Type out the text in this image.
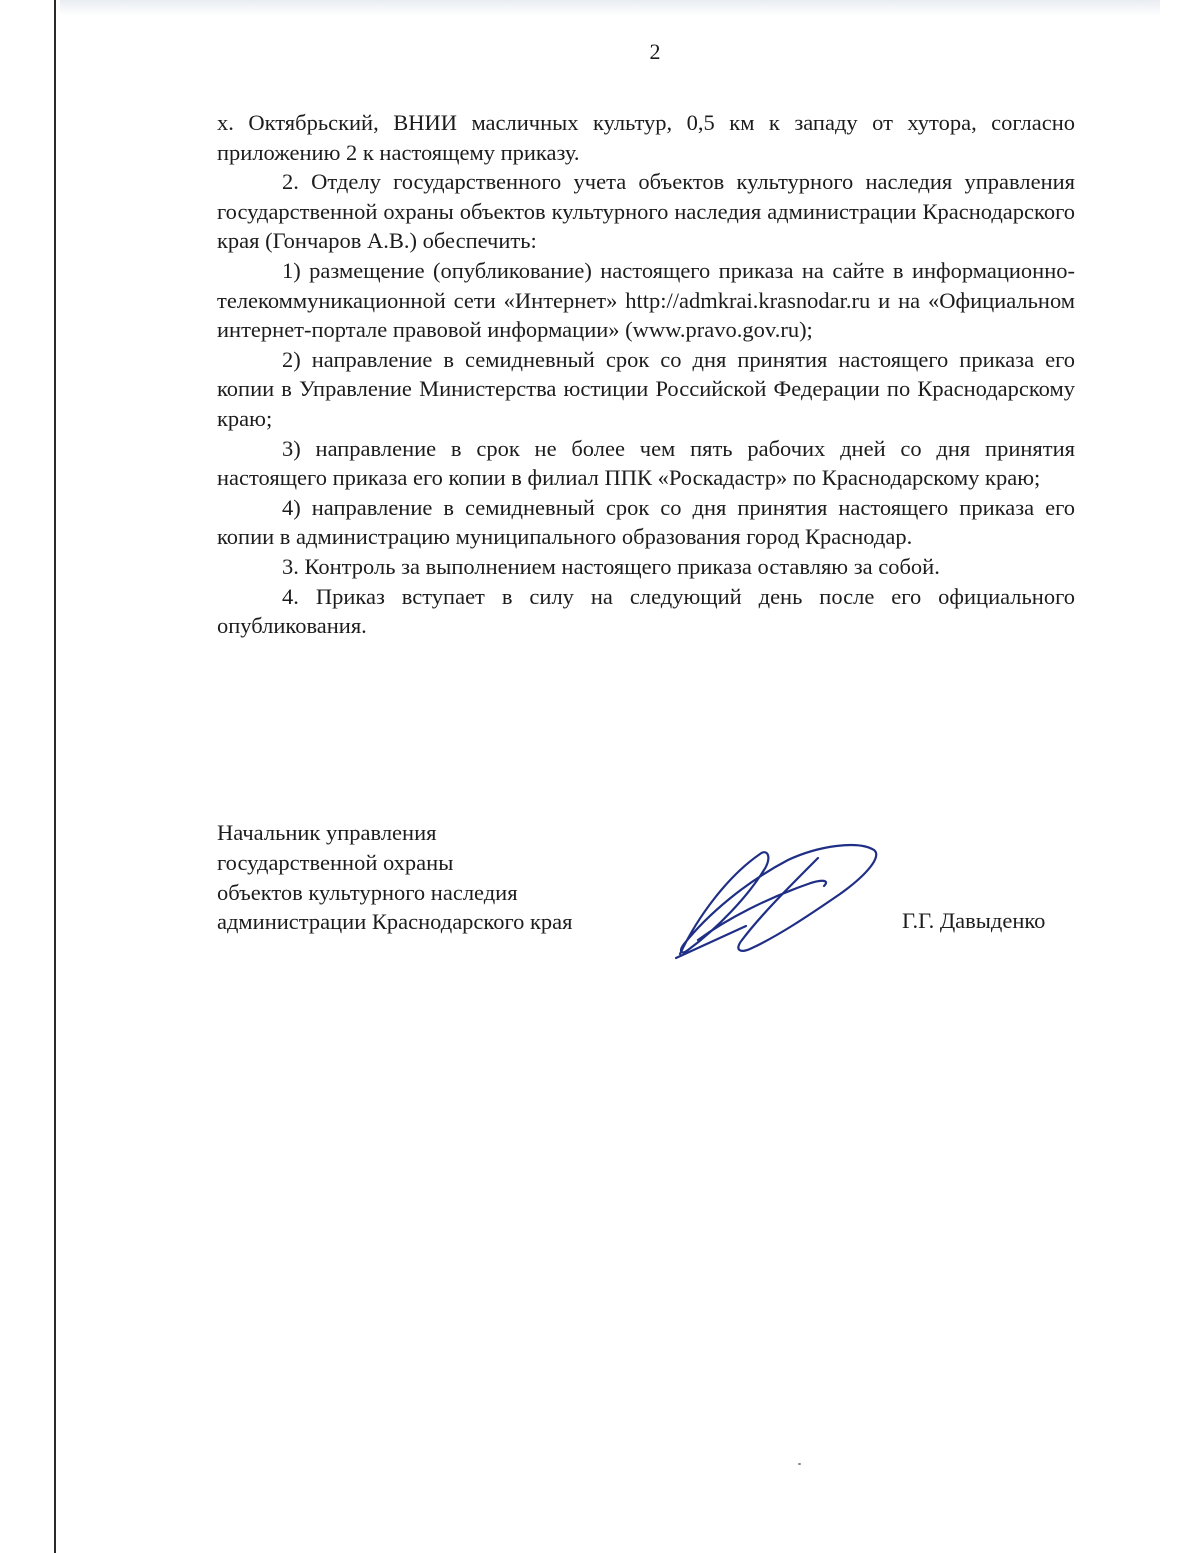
2

х. Октябрьский, ВНИИ масличных культур, 0,5 км к западу от хутора, согласно приложению 2 к настоящему приказу.

2. Отделу государственного учета объектов культурного наследия управления государственной охраны объектов культурного наследия администрации Краснодарского края (Гончаров А.В.) обеспечить:

1) размещение (опубликование) настоящего приказа на сайте в информационно-телекоммуникационной сети «Интернет» http://admkrai.krasnodar.ru и на «Официальном интернет-портале правовой информации» (www.pravo.gov.ru);

2) направление в семидневный срок со дня принятия настоящего приказа его копии в Управление Министерства юстиции Российской Федерации по Краснодарскому краю;

3) направление в срок не более чем пять рабочих дней со дня принятия настоящего приказа его копии в филиал ППК «Роскадастр» по Краснодарскому краю;

4) направление в семидневный срок со дня принятия настоящего приказа его копии в администрацию муниципального образования город Краснодар.

3. Контроль за выполнением настоящего приказа оставляю за собой.

4. Приказ вступает в силу на следующий день после его официального опубликования.

Начальник управления
государственной охраны
объектов культурного наследия
администрации Краснодарского края	Г.Г. Давыденко
